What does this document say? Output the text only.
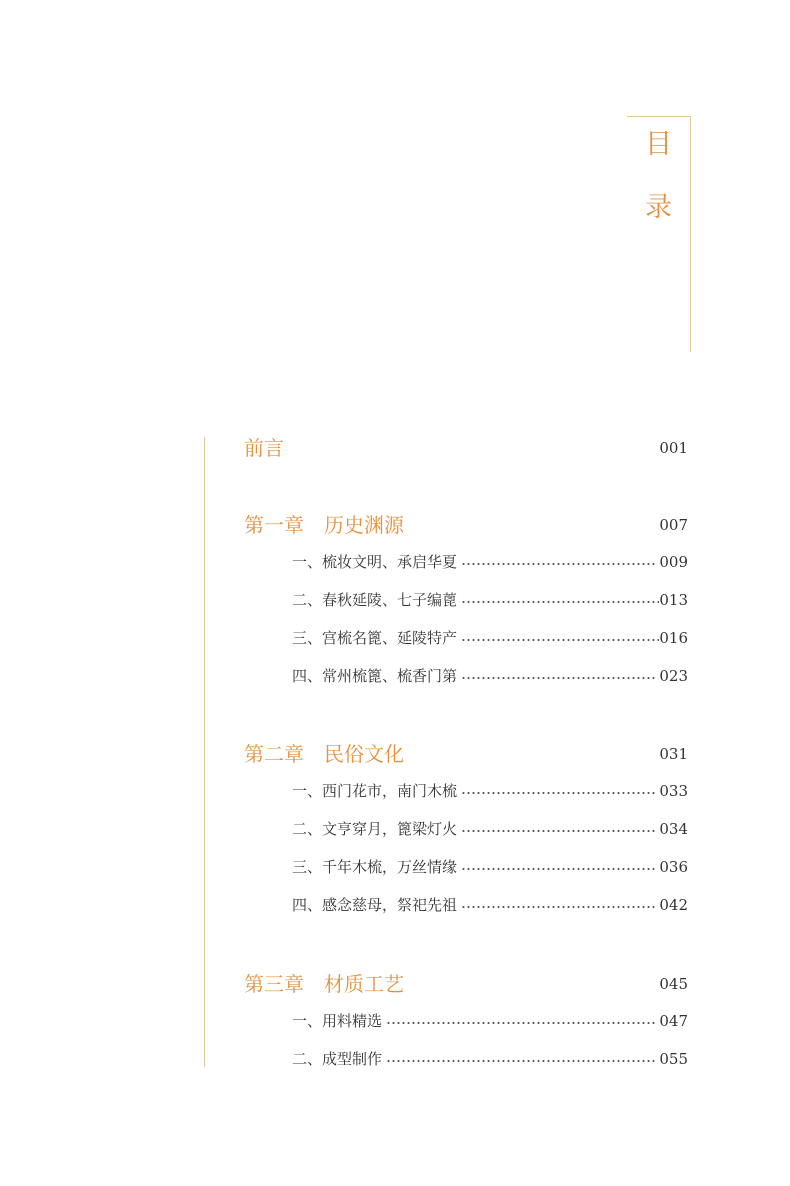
目
录
前言	001
第一章　历史渊源	007
一、梳妆文明、承启华夏	009
二、春秋延陵、七子编蓖	013
三、宫梳名篦、延陵特产	016
四、常州梳篦、梳香门第	023
第二章　民俗文化	031
一、西门花市，南门木梳	033
二、文亨穿月，篦梁灯火	034
三、千年木梳，万丝情缘	036
四、感念慈母，祭祀先祖	042
第三章　材质工艺	045
一、用料精选	047
二、成型制作	055
